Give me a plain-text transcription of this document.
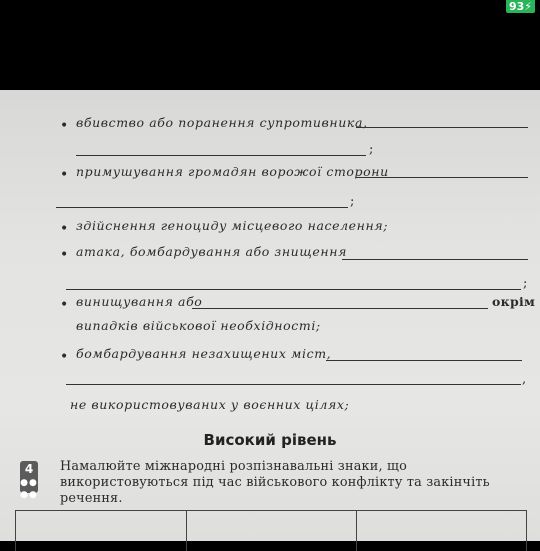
93⚡
• вбивство або поранення супротивника,
;
• примушування громадян ворожої сторони
;
• здійснення геноциду місцевого населення;
• атака, бомбардування або знищення
;
• винищування або	окрім
випадків військової необхідності;
• бомбардування незахищених міст,
,
не використовуваних у воєнних цілях;
Високий рівень
4
●●
●●
Намалюйте міжнародні розпізнавальні знаки, що використовуються під час військового конфлікту та закінчіть речення.
